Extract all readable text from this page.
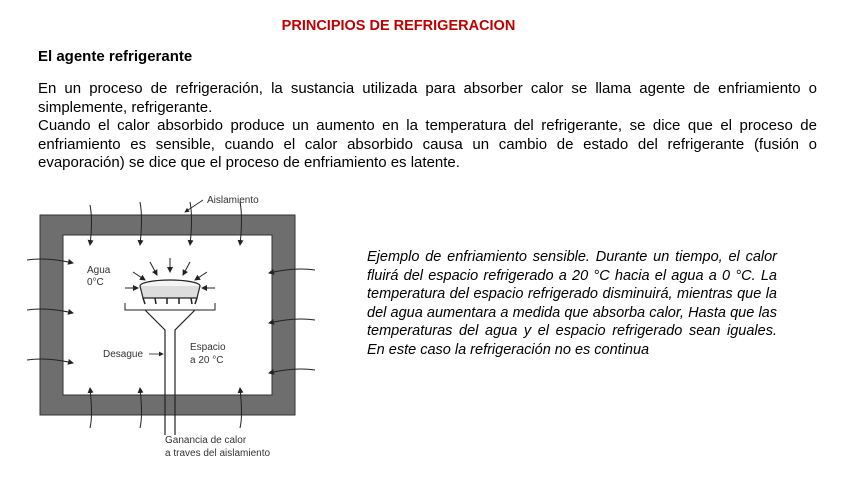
PRINCIPIOS DE REFRIGERACION
El agente refrigerante

En un proceso de refrigeración, la sustancia utilizada para absorber calor se llama agente de enfriamiento o simplemente, refrigerante.

Cuando el calor absorbido produce un aumento en la temperatura del refrigerante, se dice que el proceso de enfriamiento es sensible, cuando el calor absorbido causa un cambio de estado del refrigerante (fusión o evaporación) se dice que el proceso de enfriamiento es latente.

Aislamiento
Agua
0°C
Espacio
a 20 °C
Desague
Ganancia de calor
a traves del aislamiento
Ejemplo de enfriamiento sensible. Durante un tiempo, el calor fluirá del espacio refrigerado a 20 °C hacia el agua a 0 °C. La temperatura del espacio refrigerado disminuirá, mientras que la del agua aumentara a medida que absorba calor, Hasta que las temperaturas del agua y el espacio refrigerado sean iguales. En este caso la refrigeración no es continua
